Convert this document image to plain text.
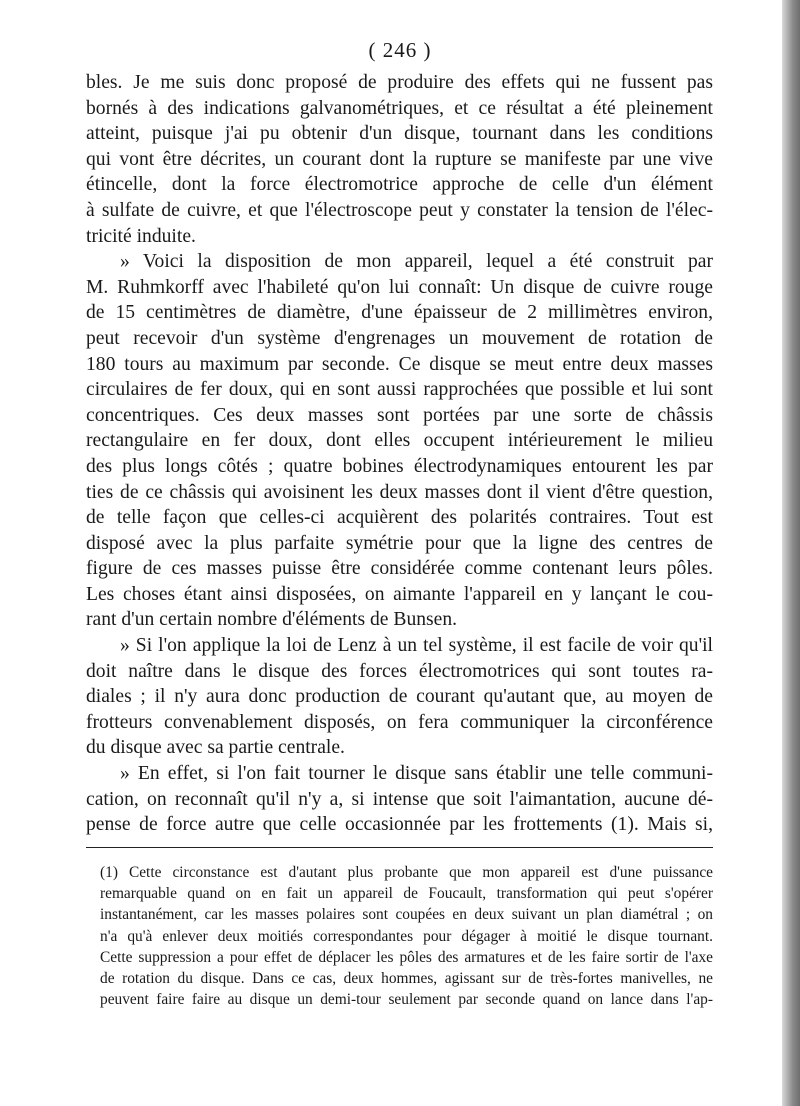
( 246 )
bles. Je me suis donc proposé de produire des effets qui ne fussent pas
bornés à des indications galvanométriques, et ce résultat a été pleinement
atteint, puisque j'ai pu obtenir d'un disque, tournant dans les conditions
qui vont être décrites, un courant dont la rupture se manifeste par une vive
étincelle, dont la force électromotrice approche de celle d'un élément
à sulfate de cuivre, et que l'électroscope peut y constater la tension de l'élec-
tricité induite.
» Voici la disposition de mon appareil, lequel a été construit par
M. Ruhmkorff avec l'habileté qu'on lui connaît: Un disque de cuivre rouge
de 15 centimètres de diamètre, d'une épaisseur de 2 millimètres environ,
peut recevoir d'un système d'engrenages un mouvement de rotation de
180 tours au maximum par seconde. Ce disque se meut entre deux masses
circulaires de fer doux, qui en sont aussi rapprochées que possible et lui sont
concentriques. Ces deux masses sont portées par une sorte de châssis
rectangulaire en fer doux, dont elles occupent intérieurement le milieu
des plus longs côtés ; quatre bobines électrodynamiques entourent les par
ties de ce châssis qui avoisinent les deux masses dont il vient d'être question,
de telle façon que celles-ci acquièrent des polarités contraires. Tout est
disposé avec la plus parfaite symétrie pour que la ligne des centres de
figure de ces masses puisse être considérée comme contenant leurs pôles.
Les choses étant ainsi disposées, on aimante l'appareil en y lançant le cou-
rant d'un certain nombre d'éléments de Bunsen.
» Si l'on applique la loi de Lenz à un tel système, il est facile de voir qu'il
doit naître dans le disque des forces électromotrices qui sont toutes ra-
diales ; il n'y aura donc production de courant qu'autant que, au moyen de
frotteurs convenablement disposés, on fera communiquer la circonférence
du disque avec sa partie centrale.
» En effet, si l'on fait tourner le disque sans établir une telle communi-
cation, on reconnaît qu'il n'y a, si intense que soit l'aimantation, aucune dé-
pense de force autre que celle occasionnée par les frottements (1). Mais si,
(1) Cette circonstance est d'autant plus probante que mon appareil est d'une puissance
remarquable quand on en fait un appareil de Foucault, transformation qui peut s'opérer
instantanément, car les masses polaires sont coupées en deux suivant un plan diamétral ; on
n'a qu'à enlever deux moitiés correspondantes pour dégager à moitié le disque tournant.
Cette suppression a pour effet de déplacer les pôles des armatures et de les faire sortir de l'axe
de rotation du disque. Dans ce cas, deux hommes, agissant sur de très-fortes manivelles, ne
peuvent faire faire au disque un demi-tour seulement par seconde quand on lance dans l'ap-
